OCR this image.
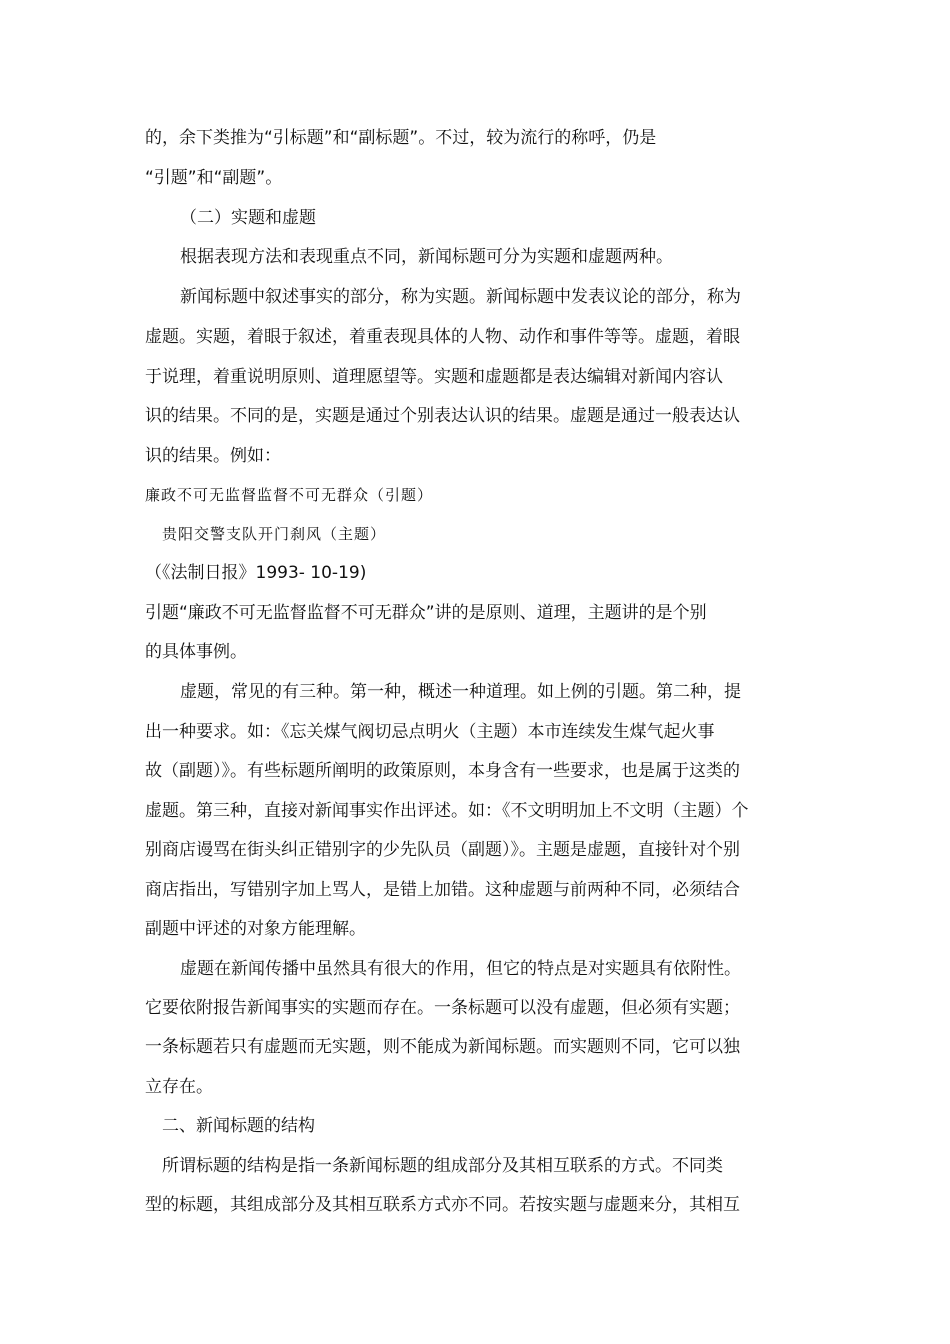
的，余下类推为“引标题”和“副标题”。不过，较为流行的称呼，仍是
“引题”和“副题”。
（二）实题和虚题
根据表现方法和表现重点不同，新闻标题可分为实题和虚题两种。
新闻标题中叙述事实的部分，称为实题。新闻标题中发表议论的部分，称为
虚题。实题，着眼于叙述，着重表现具体的人物、动作和事件等等。虚题，着眼
于说理，着重说明原则、道理愿望等。实题和虚题都是表达编辑对新闻内容认
识的结果。不同的是，实题是通过个别表达认识的结果。虚题是通过一般表达认
识的结果。例如：
廉政不可无监督监督不可无群众（引题）
贵阳交警支队开门刹风（主题）
（《法制日报》1993- 10-19)
引题“廉政不可无监督监督不可无群众”讲的是原则、道理，主题讲的是个别
的具体事例。
虚题，常见的有三种。第一种，概述一种道理。如上例的引题。第二种，提
出一种要求。如：《忘关煤气阀切忌点明火（主题）本市连续发生煤气起火事
故（副题）》。有些标题所阐明的政策原则，本身含有一些要求，也是属于这类的
虚题。第三种，直接对新闻事实作出评述。如：《不文明明加上不文明（主题）个
别商店谩骂在街头纠正错别字的少先队员（副题）》。主题是虚题，直接针对个别
商店指出，写错别字加上骂人，是错上加错。这种虚题与前两种不同，必须结合
副题中评述的对象方能理解。
虚题在新闻传播中虽然具有很大的作用，但它的特点是对实题具有依附性。
它要依附报告新闻事实的实题而存在。一条标题可以没有虚题，但必须有实题；
一条标题若只有虚题而无实题，则不能成为新闻标题。而实题则不同，它可以独
立存在。
二、新闻标题的结构
所谓标题的结构是指一条新闻标题的组成部分及其相互联系的方式。不同类
型的标题，其组成部分及其相互联系方式亦不同。若按实题与虚题来分，其相互
